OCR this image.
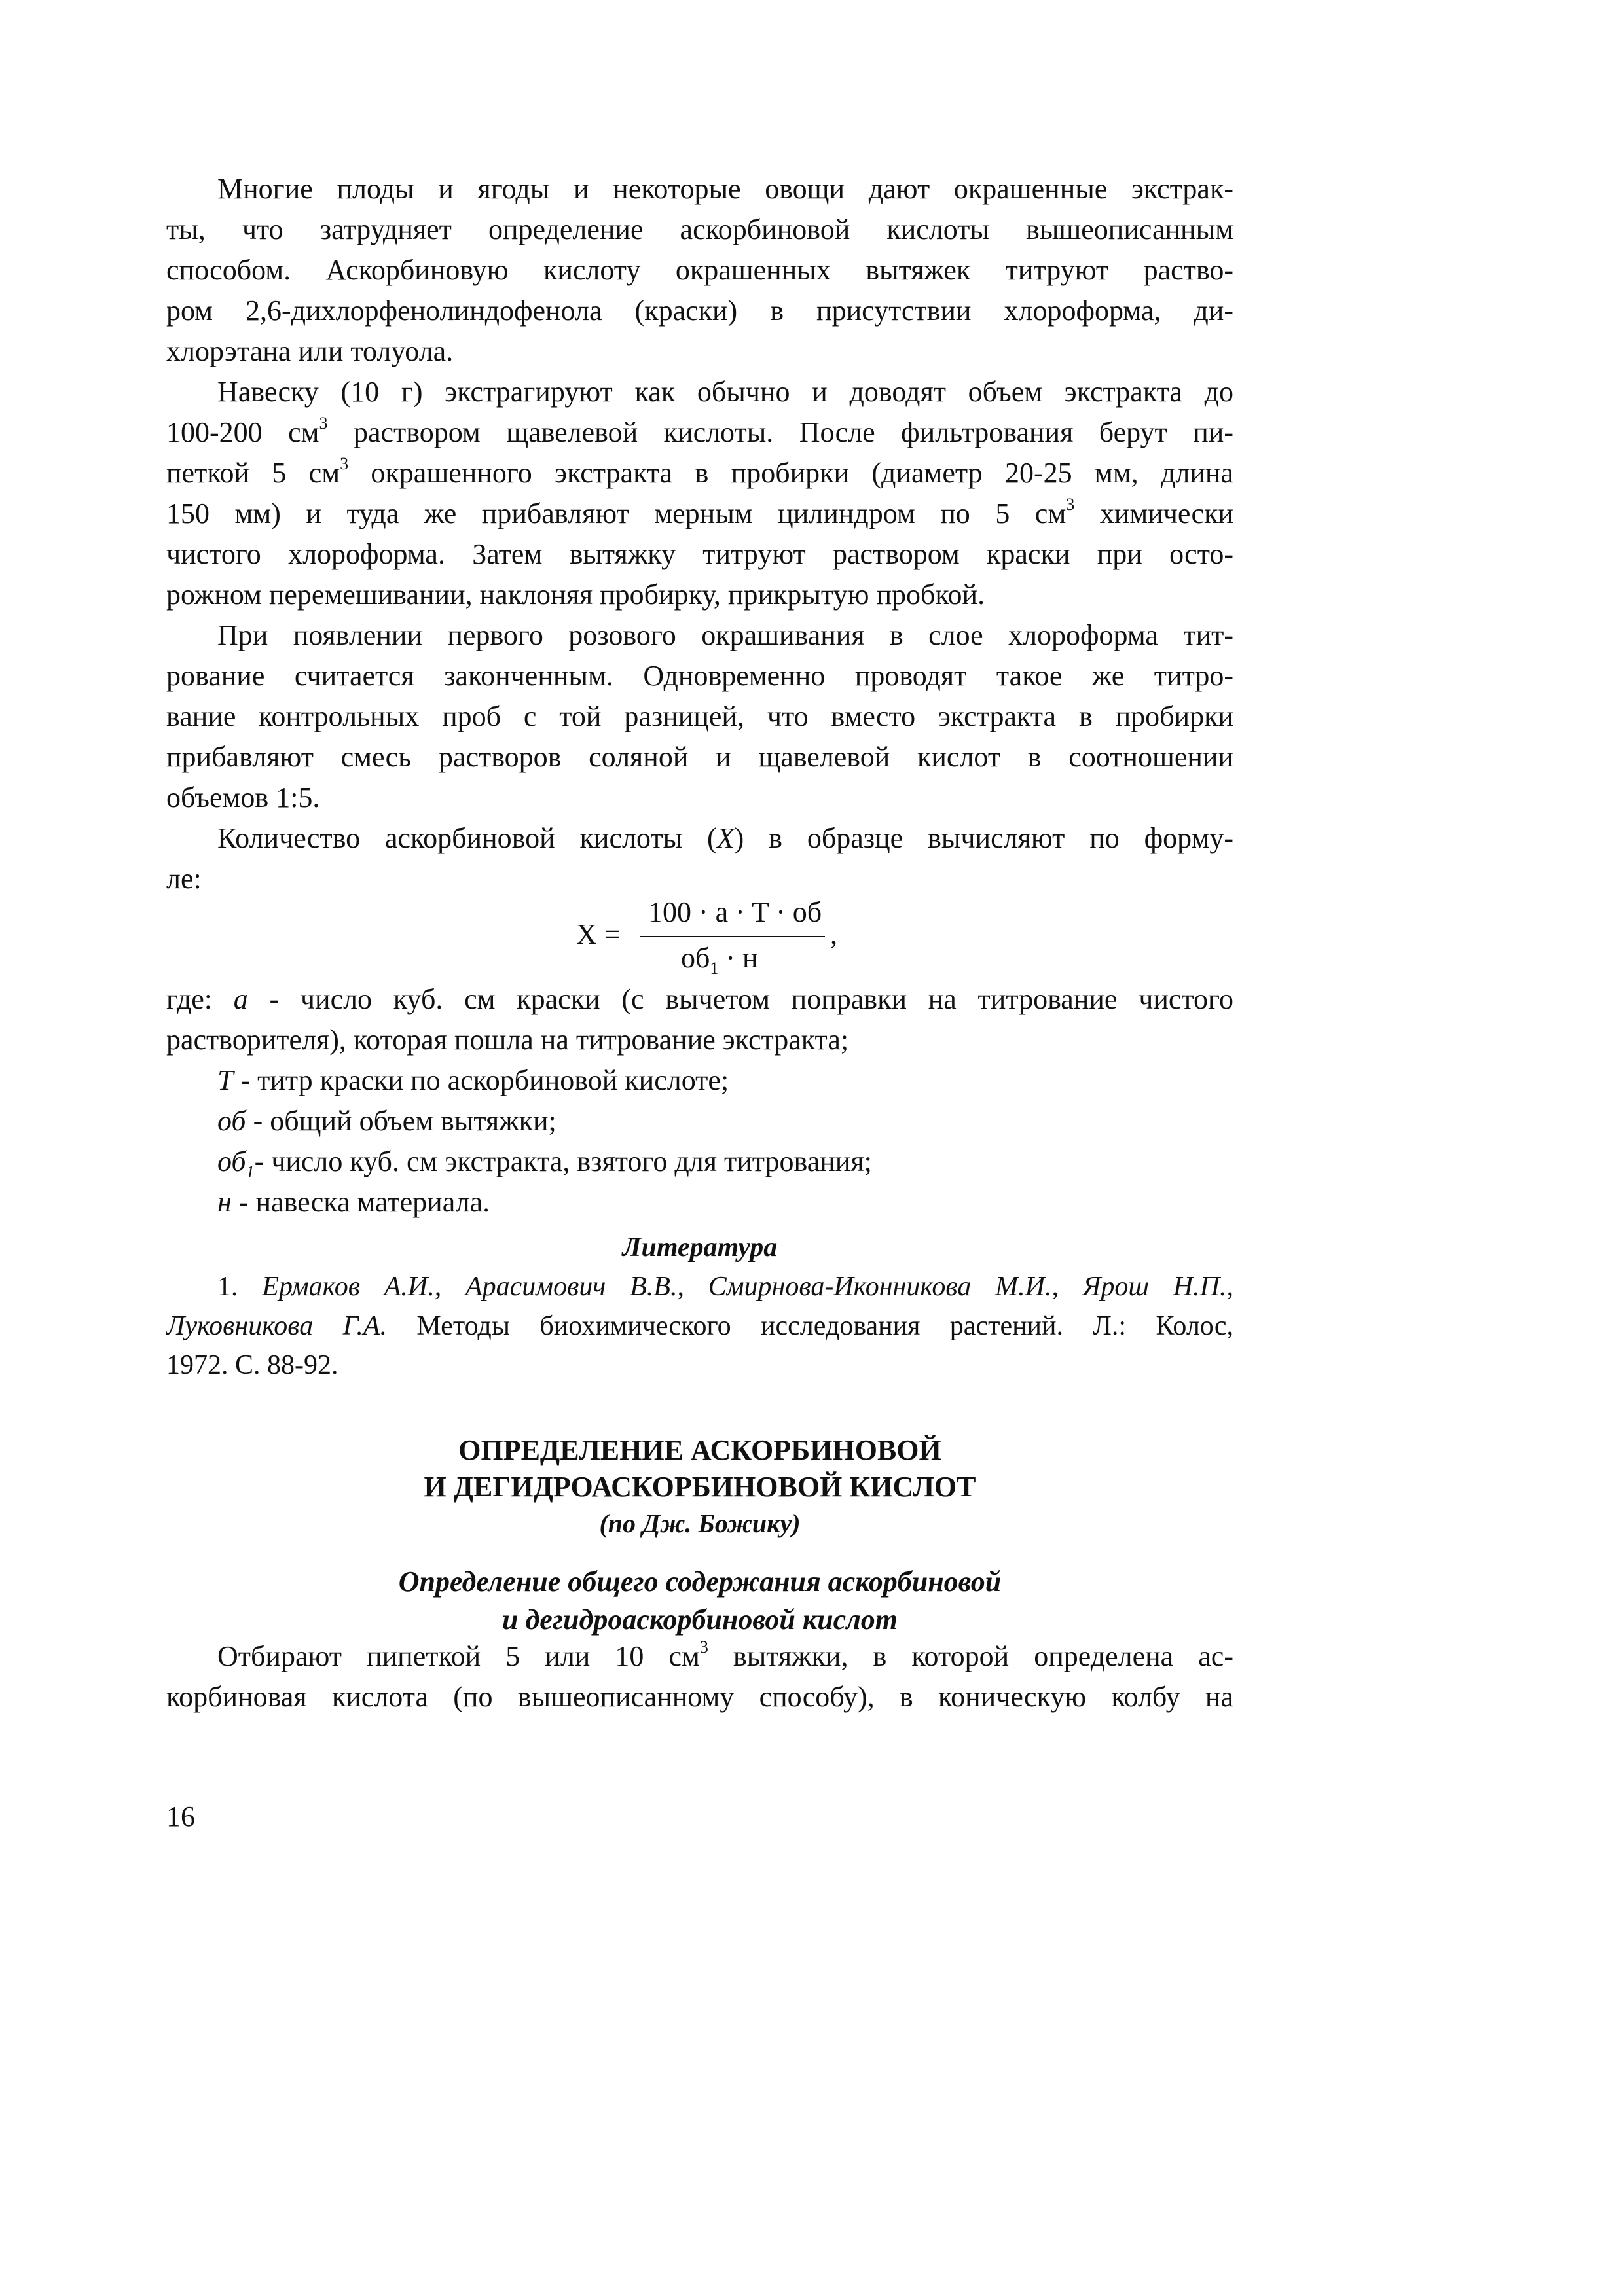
Многие плоды и ягоды и некоторые овощи дают окрашенные экстрак-
ты, что затрудняет определение аскорбиновой кислоты вышеописанным
способом. Аскорбиновую кислоту окрашенных вытяжек титруют раство-
ром 2,6-дихлорфенолиндофенола (краски) в присутствии хлороформа, ди-
хлорэтана или толуола.
Навеску (10 г) экстрагируют как обычно и доводят объем экстракта до
100-200 $см^3$ раствором щавелевой кислоты. После фильтрования берут пи-
петкой 5 $см^3$ окрашенного экстракта в пробирки (диаметр 20-25 мм, длина
150 мм) и туда же прибавляют мерным цилиндром по 5 $см^3$ химически
чистого хлороформа. Затем вытяжку титруют раствором краски при осто-
рожном перемешивании, наклоняя пробирку, прикрытую пробкой.
При появлении первого розового окрашивания в слое хлороформа тит-
рование считается законченным. Одновременно проводят такое же титро-
вание контрольных проб с той разницей, что вместо экстракта в пробирки
прибавляют смесь растворов соляной и щавелевой кислот в соотношении
объемов 1:5.
Количество аскорбиновой кислоты (X) в образце вычисляют по форму-
ле:
X =
100 · a · T · об
$об_1 \cdot н$
,
где: а - число куб. см краски (с вычетом поправки на титрование чистого
растворителя), которая пошла на титрование экстракта;
Т - титр краски по аскорбиновой кислоте;
об - общий объем вытяжки;
$об_1-$ число куб. см экстракта, взятого для титрования;
н - навеска материала.
Литература
1. Ермаков А.И., Арасимович В.В., Смирнова-Иконникова М.И., Ярош Н.П.,
Луковникова Г.А. Методы биохимического исследования растений. Л.: Колос,
1972. С. 88-92.
ОПРЕДЕЛЕНИЕ АСКОРБИНОВОЙ
И ДЕГИДРОАСКОРБИНОВОЙ КИСЛОТ
(по Дж. Божику)
Определение общего содержания аскорбиновой
и дегидроаскорбиновой кислот
Отбирают пипеткой 5 или 10 $см^3$ вытяжки, в которой определена ас-
корбиновая кислота (по вышеописанному способу), в коническую колбу на
16
